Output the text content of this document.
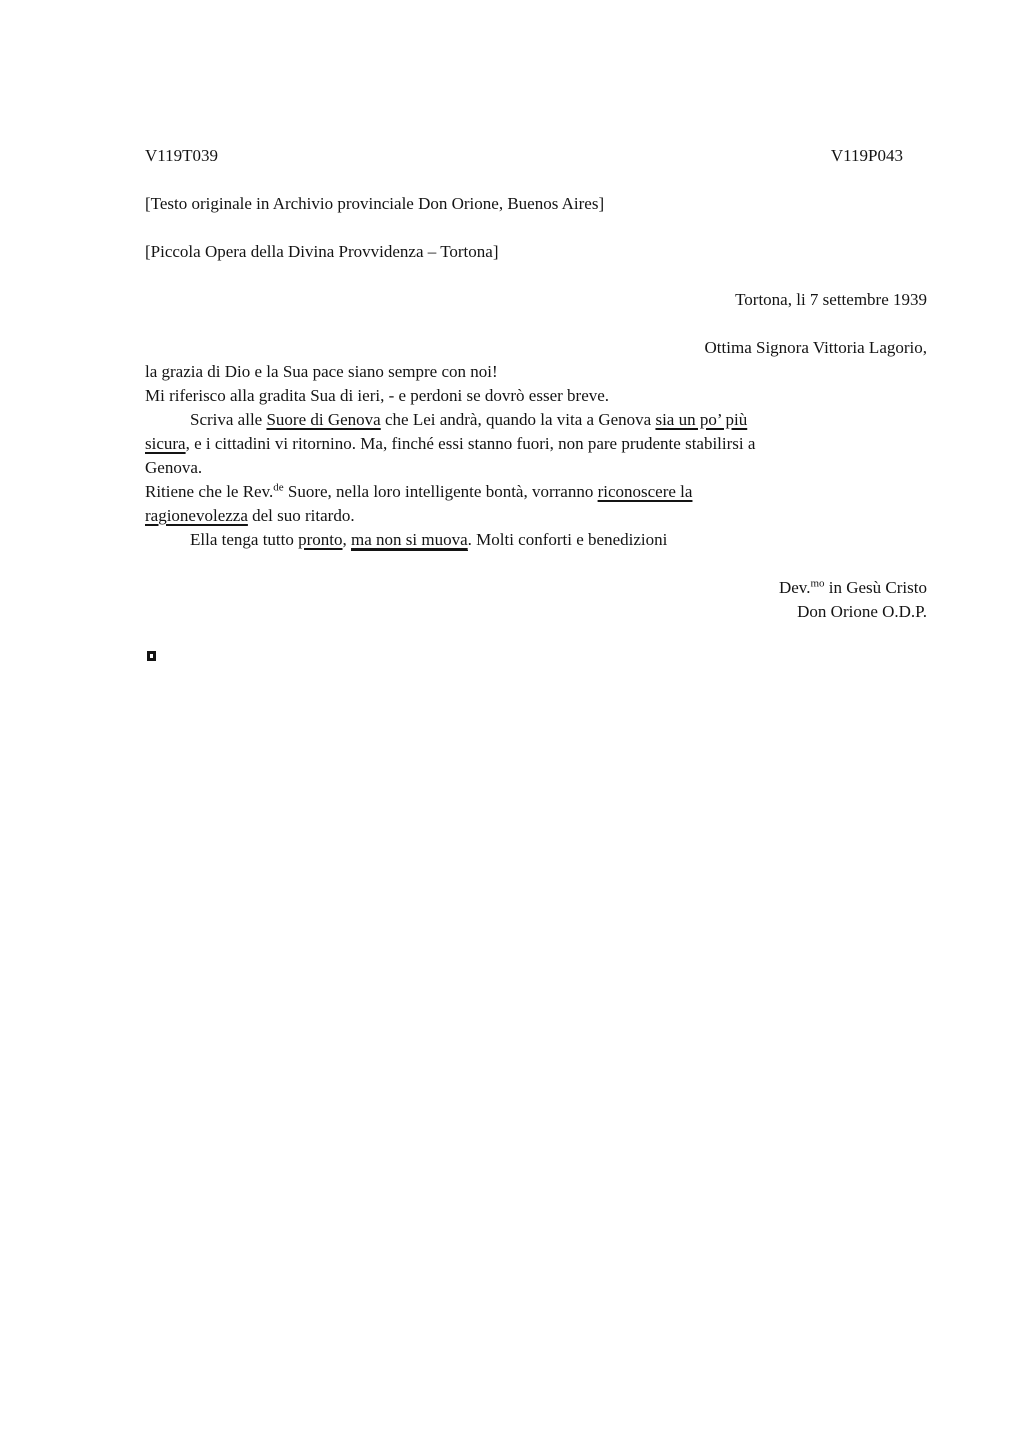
V119T039	V119P043
[Testo originale in Archivio provinciale Don Orione, Buenos Aires]
[Piccola Opera della Divina Provvidenza – Tortona]
Tortona, li 7 settembre 1939
Ottima Signora Vittoria Lagorio,
la grazia di Dio e la Sua pace siano sempre con noi!
Mi riferisco alla gradita Sua di ieri, - e perdoni se dovrò esser breve.
Scriva alle Suore di Genova che Lei andrà, quando la vita a Genova sia un po’ più
sicura, e i cittadini vi ritornino. Ma, finché essi stanno fuori, non pare prudente stabilirsi a
Genova.
Ritiene che le Rev.$^{de}$ Suore, nella loro intelligente bontà, vorranno riconoscere la
ragionevolezza del suo ritardo.
Ella tenga tutto pronto, ma non si muova. Molti conforti e benedizioni
Dev.$^{mo}$ in Gesù Cristo
Don Orione O.D.P.
